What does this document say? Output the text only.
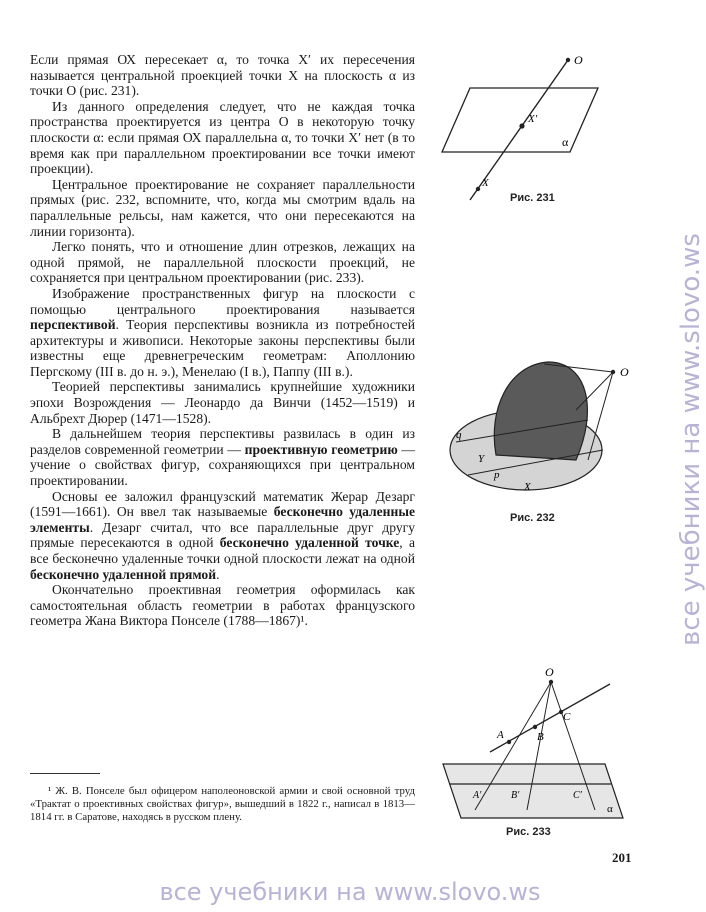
Если прямая ОХ пересекает α, то точка X′ их пересечения называется центральной проекцией точки X на плоскость α из точки О (рис. 231).

Из данного определения следует, что не каждая точка пространства проектируется из центра О в некоторую точку плоскости α: если прямая ОХ параллельна α, то точки X′ нет (в то время как при параллельном проектировании все точки имеют проекции).

Центральное проектирование не сохраняет параллельности прямых (рис. 232, вспомните, что, когда мы смотрим вдаль на параллельные рельсы, нам кажется, что они пересекаются на линии горизонта).

Легко понять, что и отношение длин отрезков, лежащих на одной прямой, не параллельной плоскости проекций, не сохраняется при центральном проектировании (рис. 233).

Изображение пространственных фигур на плоскости с помощью центрального проектирования называется перспективой. Теория перспективы возникла из потребностей архитектуры и живописи. Некоторые законы перспективы были известны еще древнегреческим геометрам: Аполлонию Пергскому (III в. до н. э.), Менелаю (I в.), Паппу (III в.).

Теорией перспективы занимались крупнейшие художники эпохи Возрождения — Леонардо да Винчи (1452—1519) и Альбрехт Дюрер (1471—1528).

В дальнейшем теория перспективы развилась в один из разделов современной геометрии — проективную геометрию — учение о свойствах фигур, сохраняющихся при центральном проектировании.

Основы ее заложил французский математик Жерар Дезарг (1591—1661). Он ввел так называемые бесконечно удаленные элементы. Дезарг считал, что все параллельные друг другу прямые пересекаются в одной бесконечно удаленной точке, а все бесконечно удаленные точки одной плоскости лежат на одной бесконечно удаленной прямой.

Окончательно проективная геометрия оформилась как самостоятельная область геометрии в работах французского геометра Жана Виктора Понселе (1788—1867)¹.

¹ Ж. В. Понселе был офицером наполеоновской армии и свой основной труд «Трактат о проективных свойствах фигур», вышедший в 1822 г., написал в 1813—1814 гг. в Саратове, находясь в русском плену.

O
X′
α
X
Рис. 231
O
q
Y
p
X
Рис. 232
O
A	B
C
A′	B′	C′
α
Рис. 233
201
все учебники на www.slovo.ws
все учебники на www.slovo.ws
